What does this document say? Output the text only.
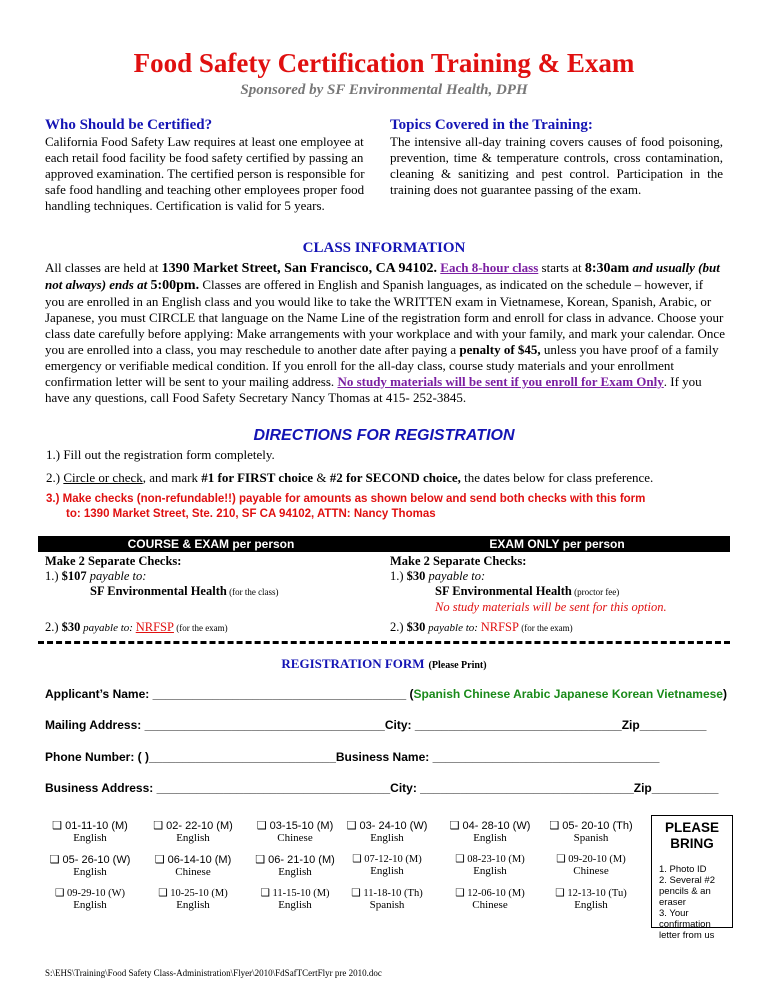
Food Safety Certification Training & Exam
Sponsored by SF Environmental Health, DPH
Who Should be Certified?
California Food Safety Law requires at least one employee at each retail food facility be food safety certified by passing an approved examination. The certified person is responsible for safe food handling and teaching other employees proper food handling techniques. Certification is valid for 5 years.
Topics Covered in the Training:
The intensive all-day training covers causes of food poisoning, prevention, time & temperature controls, cross contamination, cleaning & sanitizing and pest control. Participation in the training does not guarantee passing of the exam.
CLASS INFORMATION
All classes are held at 1390 Market Street, San Francisco, CA 94102. Each 8-hour class starts at 8:30am and usually (but not always) ends at 5:00pm. Classes are offered in English and Spanish languages, as indicated on the schedule – however, if you are enrolled in an English class and you would like to take the WRITTEN exam in Vietnamese, Korean, Spanish, Arabic, or Japanese, you must CIRCLE that language on the Name Line of the registration form and enroll for class in advance. Choose your class date carefully before applying: Make arrangements with your workplace and with your family, and mark your calendar. Once you are enrolled into a class, you may reschedule to another date after paying a penalty of $45, unless you have proof of a family emergency or verifiable medical condition. If you enroll for the all-day class, course study materials and your enrollment confirmation letter will be sent to your mailing address. No study materials will be sent if you enroll for Exam Only. If you have any questions, call Food Safety Secretary Nancy Thomas at 415- 252-3845.
DIRECTIONS FOR REGISTRATION
1.) Fill out the registration form completely.
2.) Circle or check, and mark #1 for FIRST choice & #2 for SECOND choice, the dates below for class preference.
3.) Make checks (non-refundable!!) payable for amounts as shown below and send both checks with this form
to: 1390 Market Street, Ste. 210, SF CA 94102, ATTN: Nancy Thomas
COURSE & EXAM per person	EXAM ONLY per person
Make 2 Separate Checks:
1.) $107 payable to:
SF Environmental Health (for the class)
2.) $30 payable to: NRFSP (for the exam)
Make 2 Separate Checks:
1.) $30 payable to:
SF Environmental Health (proctor fee)
No study materials will be sent for this option.
2.) $30 payable to: NRFSP (for the exam)
REGISTRATION FORM (Please Print)
Applicant’s Name: ______________________________________ (Spanish Chinese Arabic Japanese Korean Vietnamese)
Mailing Address: ____________________________________City: _______________________________Zip__________
Phone Number: ( )____________________________Business Name: __________________________________
Business Address: ___________________________________City: ________________________________Zip__________
❑ 01-11-10 (M)
English
❑ 02- 22-10 (M)
English
❑ 03-15-10 (M)
Chinese
❑ 03- 24-10 (W)
English
❑ 04- 28-10 (W)
English
❑ 05- 20-10 (Th)
Spanish
❑ 05- 26-10 (W)
English
❑ 06-14-10 (M)
Chinese
❑ 06- 21-10 (M)
English
❑ 07-12-10 (M)
English
❑ 08-23-10 (M)
English
❑ 09-20-10 (M)
Chinese
❑ 09-29-10 (W)
English
❑ 10-25-10 (M)
English
❑ 11-15-10 (M)
English
❑ 11-18-10 (Th)
Spanish
❑ 12-06-10 (M)
Chinese
❑ 12-13-10 (Tu)
English
PLEASE
BRING
1. Photo ID
2. Several #2 pencils & an eraser
3. Your confirmation letter from us
S:\EHS\Training\Food Safety Class-Administration\Flyer\2010\FdSafTCertFlyr pre 2010.doc
